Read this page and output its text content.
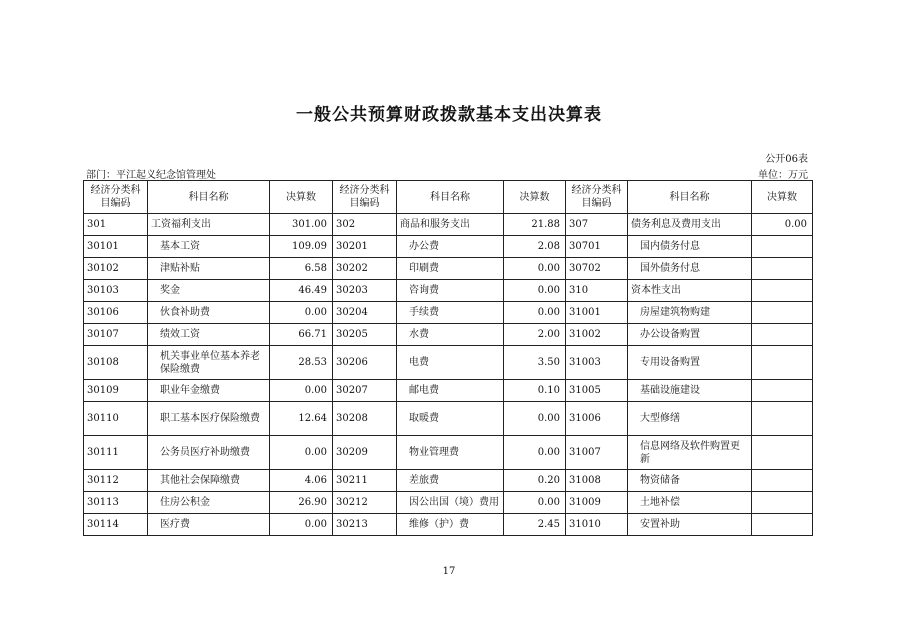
一般公共预算财政拨款基本支出决算表
公开06表
部门：平江起义纪念馆管理处	单位：万元
经济分类科目编码	科目名称	决算数	经济分类科目编码	科目名称	决算数	经济分类科目编码	科目名称	决算数
301	工资福利支出	301.00	302	商品和服务支出	21.88	307	债务利息及费用支出	0.00
30101	基本工资	109.09	30201	办公费	2.08	30701	国内债务付息	
30102	津贴补贴	6.58	30202	印刷费	0.00	30702	国外债务付息	
30103	奖金	46.49	30203	咨询费	0.00	310	资本性支出	
30106	伙食补助费	0.00	30204	手续费	0.00	31001	房屋建筑物购建	
30107	绩效工资	66.71	30205	水费	2.00	31002	办公设备购置	
30108	机关事业单位基本养老保险缴费	28.53	30206	电费	3.50	31003	专用设备购置	
30109	职业年金缴费	0.00	30207	邮电费	0.10	31005	基础设施建设	
30110	职工基本医疗保险缴费	12.64	30208	取暖费	0.00	31006	大型修缮	
30111	公务员医疗补助缴费	0.00	30209	物业管理费	0.00	31007	信息网络及软件购置更新	
30112	其他社会保障缴费	4.06	30211	差旅费	0.20	31008	物资储备	
30113	住房公积金	26.90	30212	因公出国（境）费用	0.00	31009	土地补偿	
30114	医疗费	0.00	30213	维修（护）费	2.45	31010	安置补助	
17
